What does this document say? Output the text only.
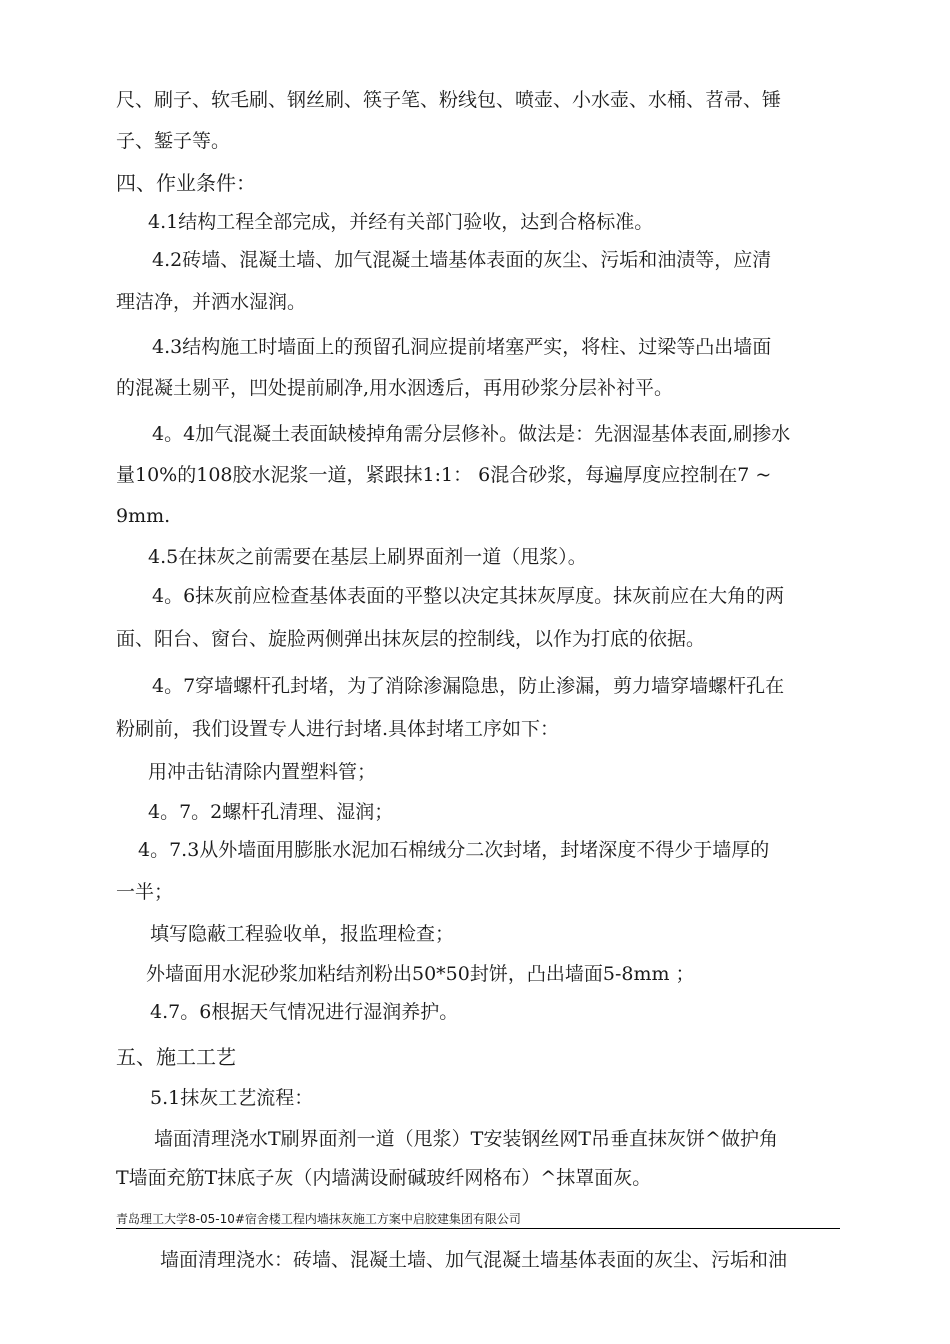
尺、刷子、软毛刷、钢丝刷、筷子笔、粉线包、喷壶、小水壶、水桶、苕帚、锤
子、錾子等。
四、作业条件：
4.1结构工程全部完成，并经有关部门验收，达到合格标准。
4.2砖墙、混凝土墙、加气混凝土墙基体表面的灰尘、污垢和油渍等，应清
理洁净，并洒水湿润。
4.3结构施工时墙面上的预留孔洞应提前堵塞严实，将柱、过梁等凸出墙面
的混凝土剔平，凹处提前刷净,用水洇透后，再用砂浆分层补衬平。
4。4加气混凝土表面缺棱掉角需分层修补。做法是：先洇湿基体表面,刷掺水
量10%的108胶水泥浆一道，紧跟抹1:1： 6混合砂浆，每遍厚度应控制在7 ~
9mm.
4.5在抹灰之前需要在基层上刷界面剂一道（甩浆）。
4。6抹灰前应检查基体表面的平整以决定其抹灰厚度。抹灰前应在大角的两
面、阳台、窗台、旋脸两侧弹出抹灰层的控制线，以作为打底的依据。
4。7穿墙螺杆孔封堵，为了消除渗漏隐患，防止渗漏，剪力墙穿墙螺杆孔在
粉刷前，我们设置专人进行封堵.具体封堵工序如下：
用冲击钻清除内置塑料管；
4。7。2螺杆孔清理、湿润；
4。7.3从外墙面用膨胀水泥加石棉绒分二次封堵，封堵深度不得少于墙厚的
一半；
填写隐蔽工程验收单，报监理检查；
外墙面用水泥砂浆加粘结剂粉出50*50封饼，凸出墙面5-8mm ；
4.7。6根据天气情况进行湿润养护。
五、施工工艺
5.1抹灰工艺流程：
墙面清理浇水T刷界面剂一道（甩浆）T安装钢丝网T吊垂直抹灰饼^做护角
T墙面充筋T抹底子灰（内墙满设耐碱玻纤网格布）^抹罩面灰。
青岛理工大学8-05-10#宿舍楼工程内墙抹灰施工方案中启胶建集团有限公司
墙面清理浇水：砖墙、混凝土墙、加气混凝土墙基体表面的灰尘、污垢和油
